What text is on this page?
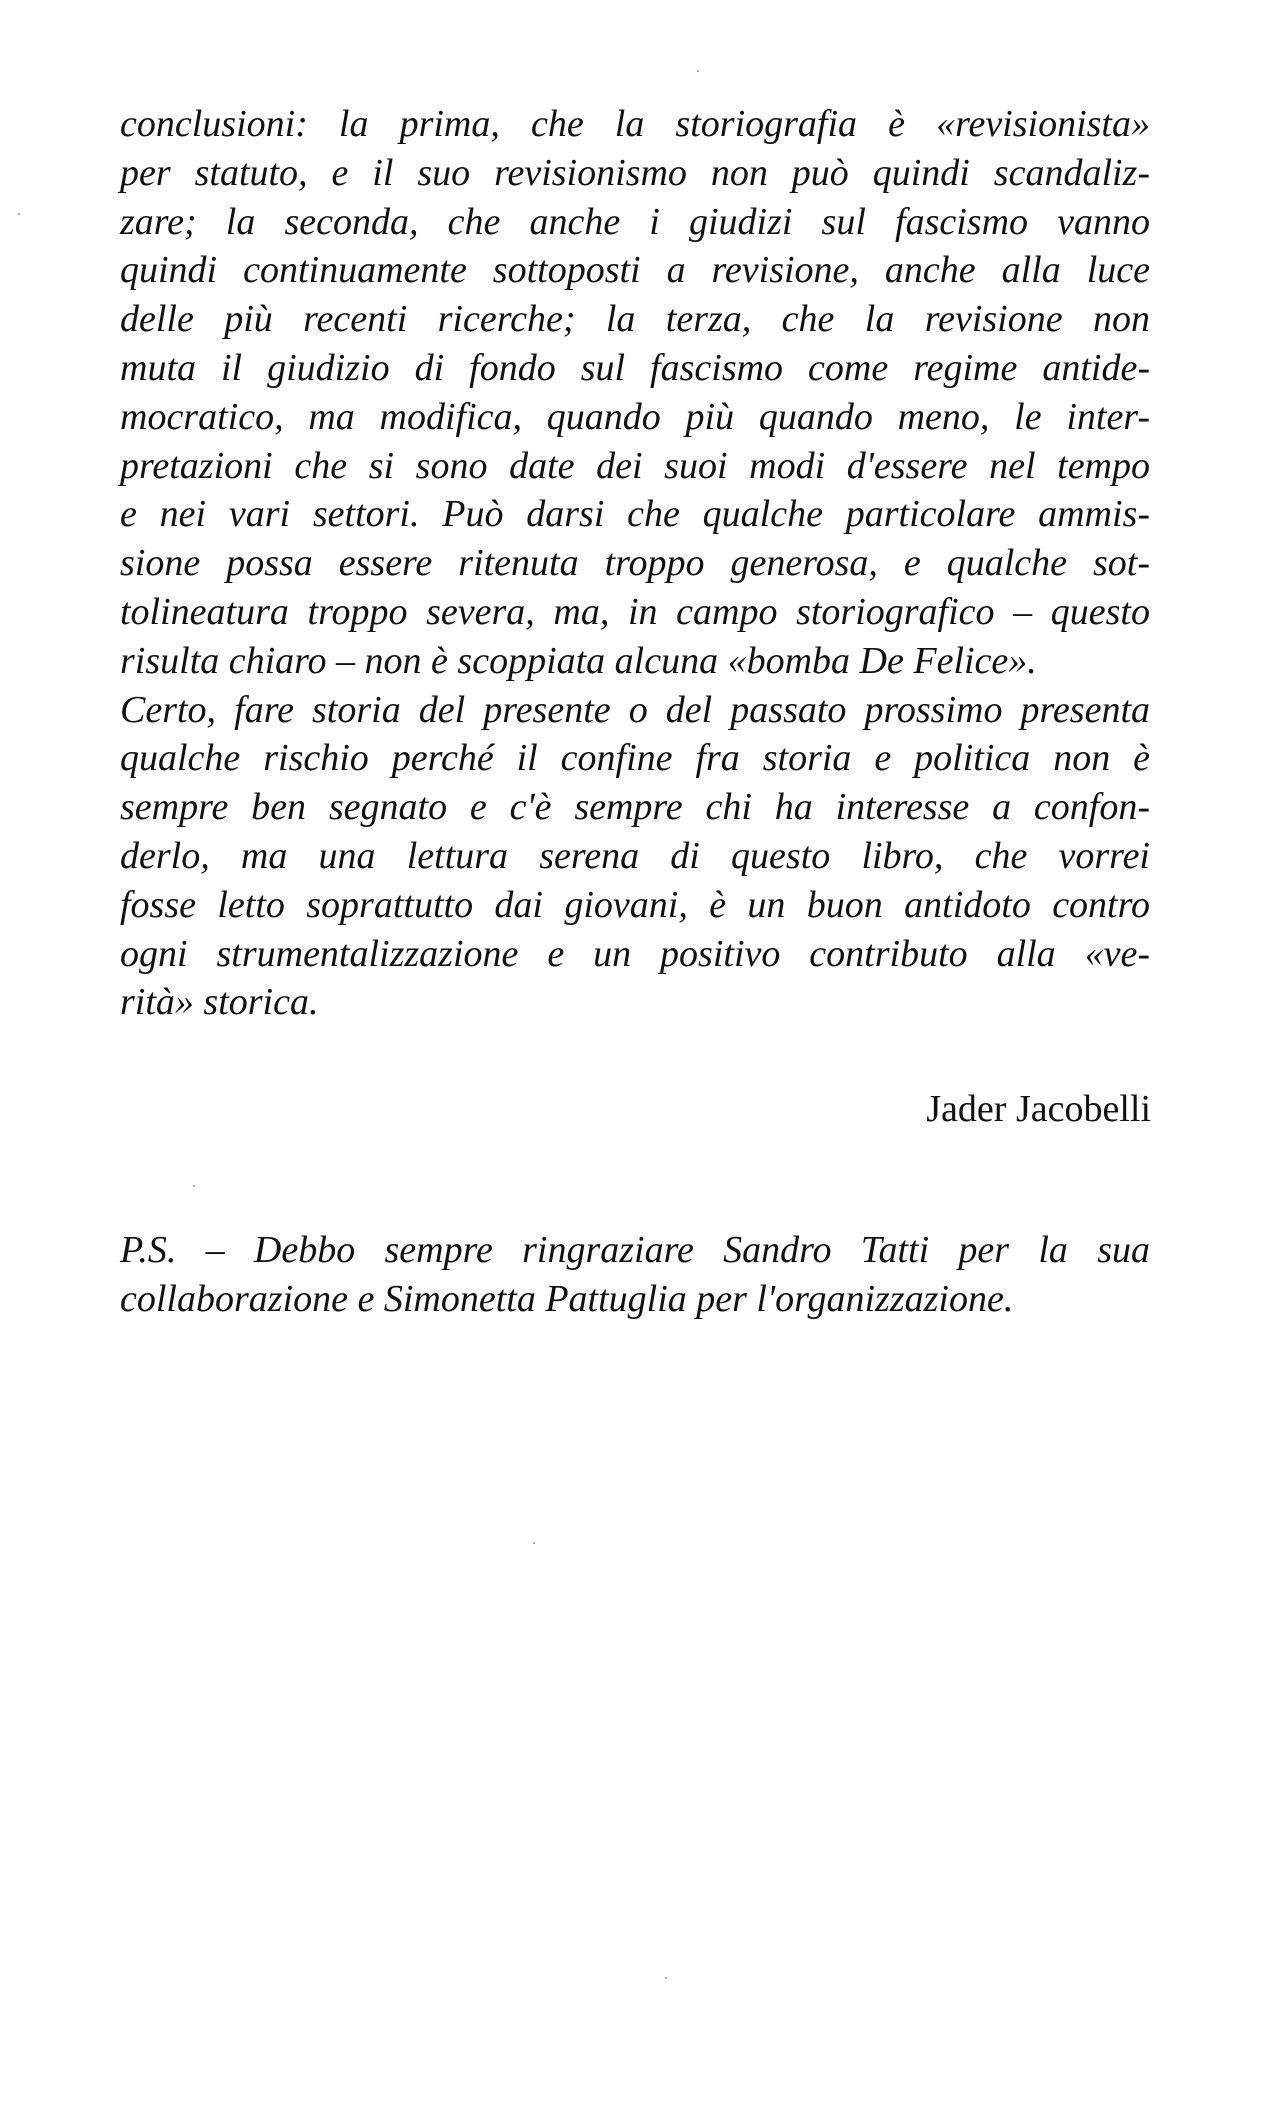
conclusioni: la prima, che la storiografia è «revisionista»
per statuto, e il suo revisionismo non può quindi scandaliz-
zare; la seconda, che anche i giudizi sul fascismo vanno
quindi continuamente sottoposti a revisione, anche alla luce
delle più recenti ricerche; la terza, che la revisione non
muta il giudizio di fondo sul fascismo come regime antide-
mocratico, ma modifica, quando più quando meno, le inter-
pretazioni che si sono date dei suoi modi d'essere nel tempo
e nei vari settori. Può darsi che qualche particolare ammis-
sione possa essere ritenuta troppo generosa, e qualche sot-
tolineatura troppo severa, ma, in campo storiografico – questo
risulta chiaro – non è scoppiata alcuna «bomba De Felice».
Certo, fare storia del presente o del passato prossimo presenta
qualche rischio perché il confine fra storia e politica non è
sempre ben segnato e c'è sempre chi ha interesse a confon-
derlo, ma una lettura serena di questo libro, che vorrei
fosse letto soprattutto dai giovani, è un buon antidoto contro
ogni strumentalizzazione e un positivo contributo alla «ve-
rità» storica.
Jader Jacobelli
P.S. – Debbo sempre ringraziare Sandro Tatti per la sua
collaborazione e Simonetta Pattuglia per l'organizzazione.
